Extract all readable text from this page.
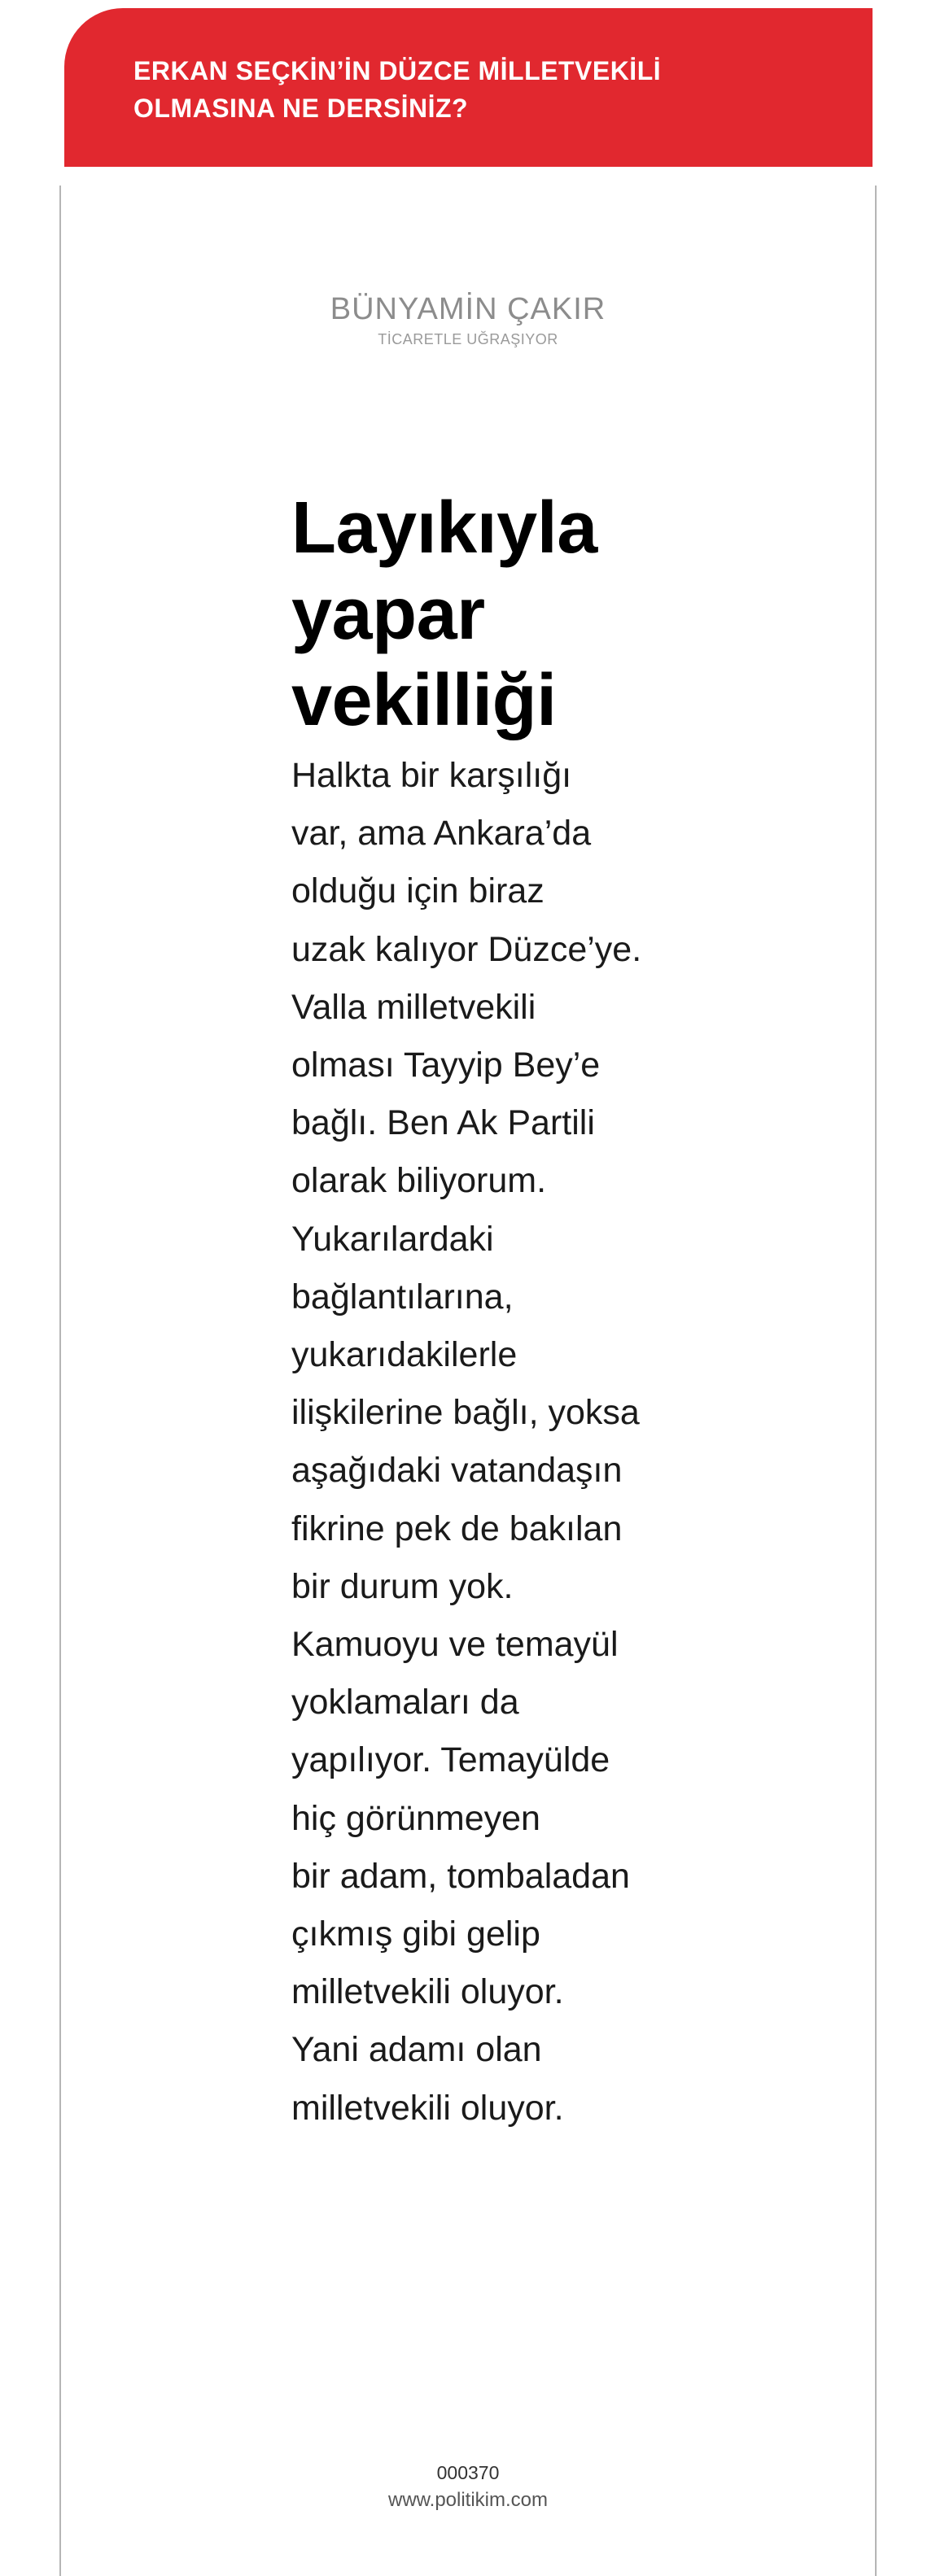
ERKAN SEÇKİN’İN DÜZCE MİLLETVEKİLİ
OLMASINA NE DERSİNİZ?
BÜNYAMİN ÇAKIR
TİCARETLE UĞRAŞIYOR
Layıkıyla
yapar
vekilliği

Halkta bir karşılığı
var, ama Ankara’da
olduğu için biraz
uzak kalıyor Düzce’ye.
Valla milletvekili
olması Tayyip Bey’e
bağlı. Ben Ak Partili
olarak biliyorum.
Yukarılardaki
bağlantılarına,
yukarıdakilerle
ilişkilerine bağlı, yoksa
aşağıdaki vatandaşın
fikrine pek de bakılan
bir durum yok.
Kamuoyu ve temayül
yoklamaları da
yapılıyor. Temayülde
hiç görünmeyen
bir adam, tombaladan
çıkmış gibi gelip
milletvekili oluyor.
Yani adamı olan
milletvekili oluyor.

000370
www.politikim.com
